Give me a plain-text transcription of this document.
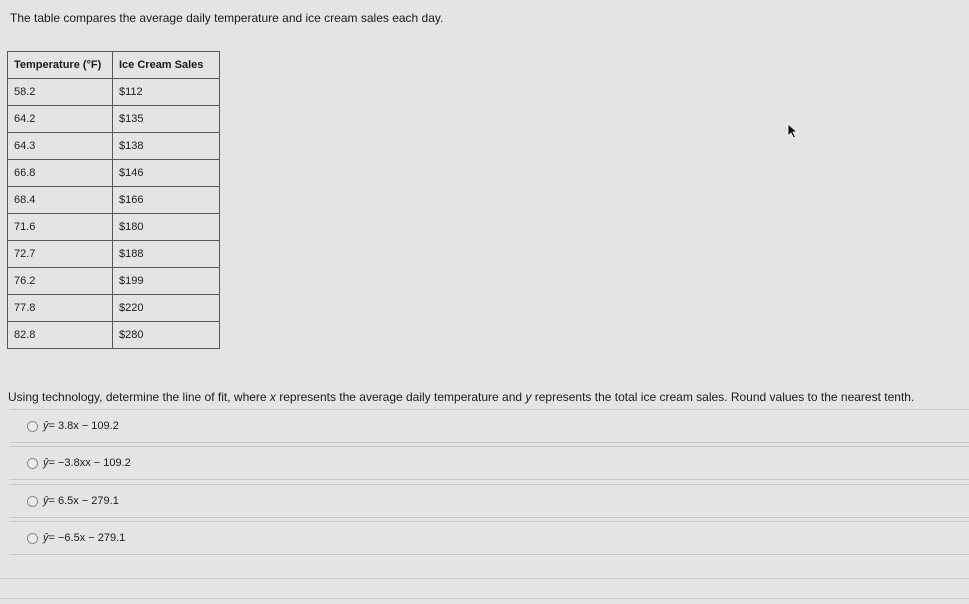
The table compares the average daily temperature and ice cream sales each day.
Temperature (°F)	Ice Cream Sales
58.2	$112
64.2	$135
64.3	$138
66.8	$146
68.4	$166
71.6	$180
72.7	$188
76.2	$199
77.8	$220
82.8	$280
Using technology, determine the line of fit, where x represents the average daily temperature and y represents the total ice cream sales. Round values to the nearest tenth.
ŷ = 3.8x − 109.2
ŷ = −3.8xx − 109.2
ŷ = 6.5x − 279.1
ŷ = −6.5x − 279.1
